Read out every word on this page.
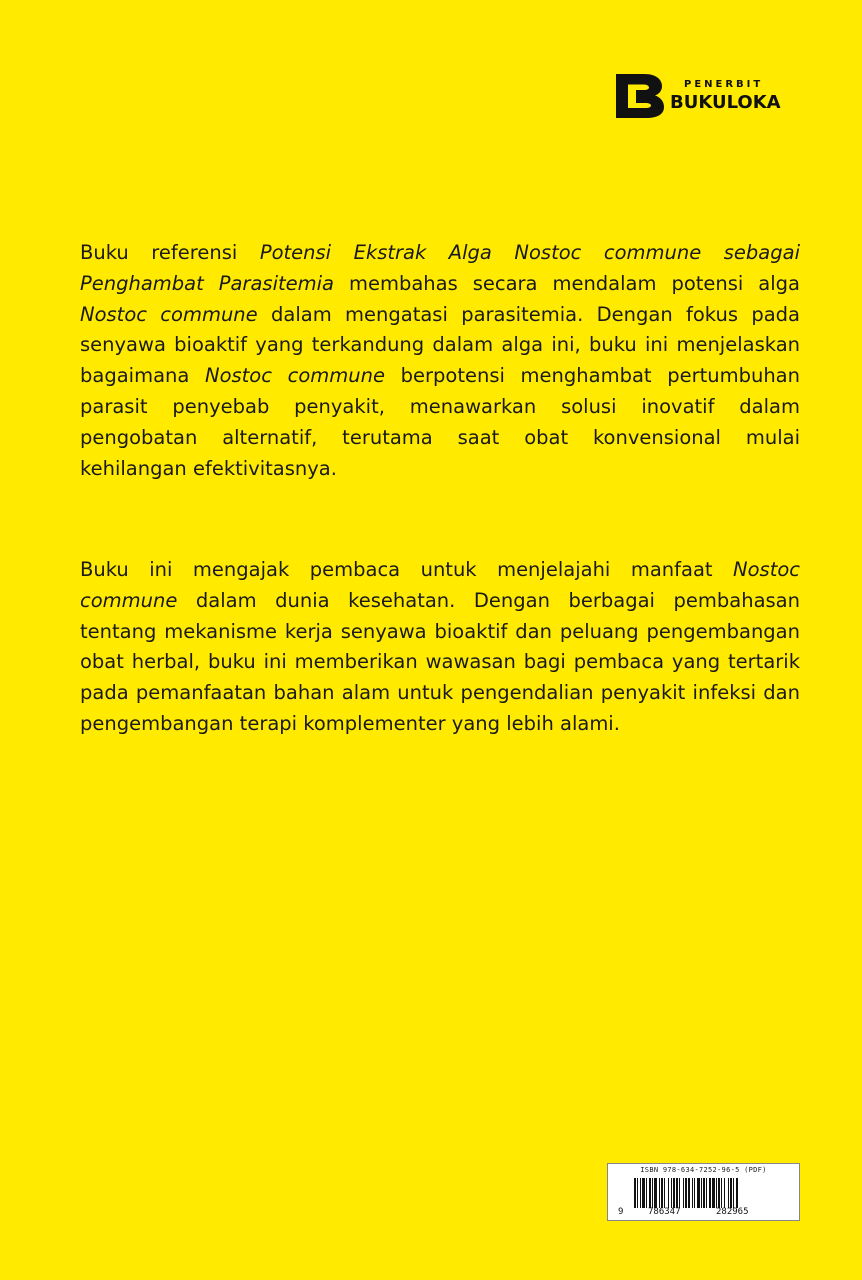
PENERBIT
BUKULOKA

Buku referensi Potensi Ekstrak Alga Nostoc commune sebagai Penghambat Parasitemia membahas secara mendalam potensi alga Nostoc commune dalam mengatasi parasitemia. Dengan fokus pada senyawa bioaktif yang terkandung dalam alga ini, buku ini menjelaskan bagaimana Nostoc commune berpotensi menghambat pertumbuhan parasit penyebab penyakit, menawarkan solusi inovatif dalam pengobatan alternatif, terutama saat obat konvensional mulai kehilangan efektivitasnya.

Buku ini mengajak pembaca untuk menjelajahi manfaat Nostoc commune dalam dunia kesehatan. Dengan berbagai pembahasan tentang mekanisme kerja senyawa bioaktif dan peluang pengembangan obat herbal, buku ini memberikan wawasan bagi pembaca yang tertarik pada pemanfaatan bahan alam untuk pengendalian penyakit infeksi dan pengembangan terapi komplementer yang lebih alami.

ISBN 978-634-7252-96-5 (PDF)
9	786347	282965
